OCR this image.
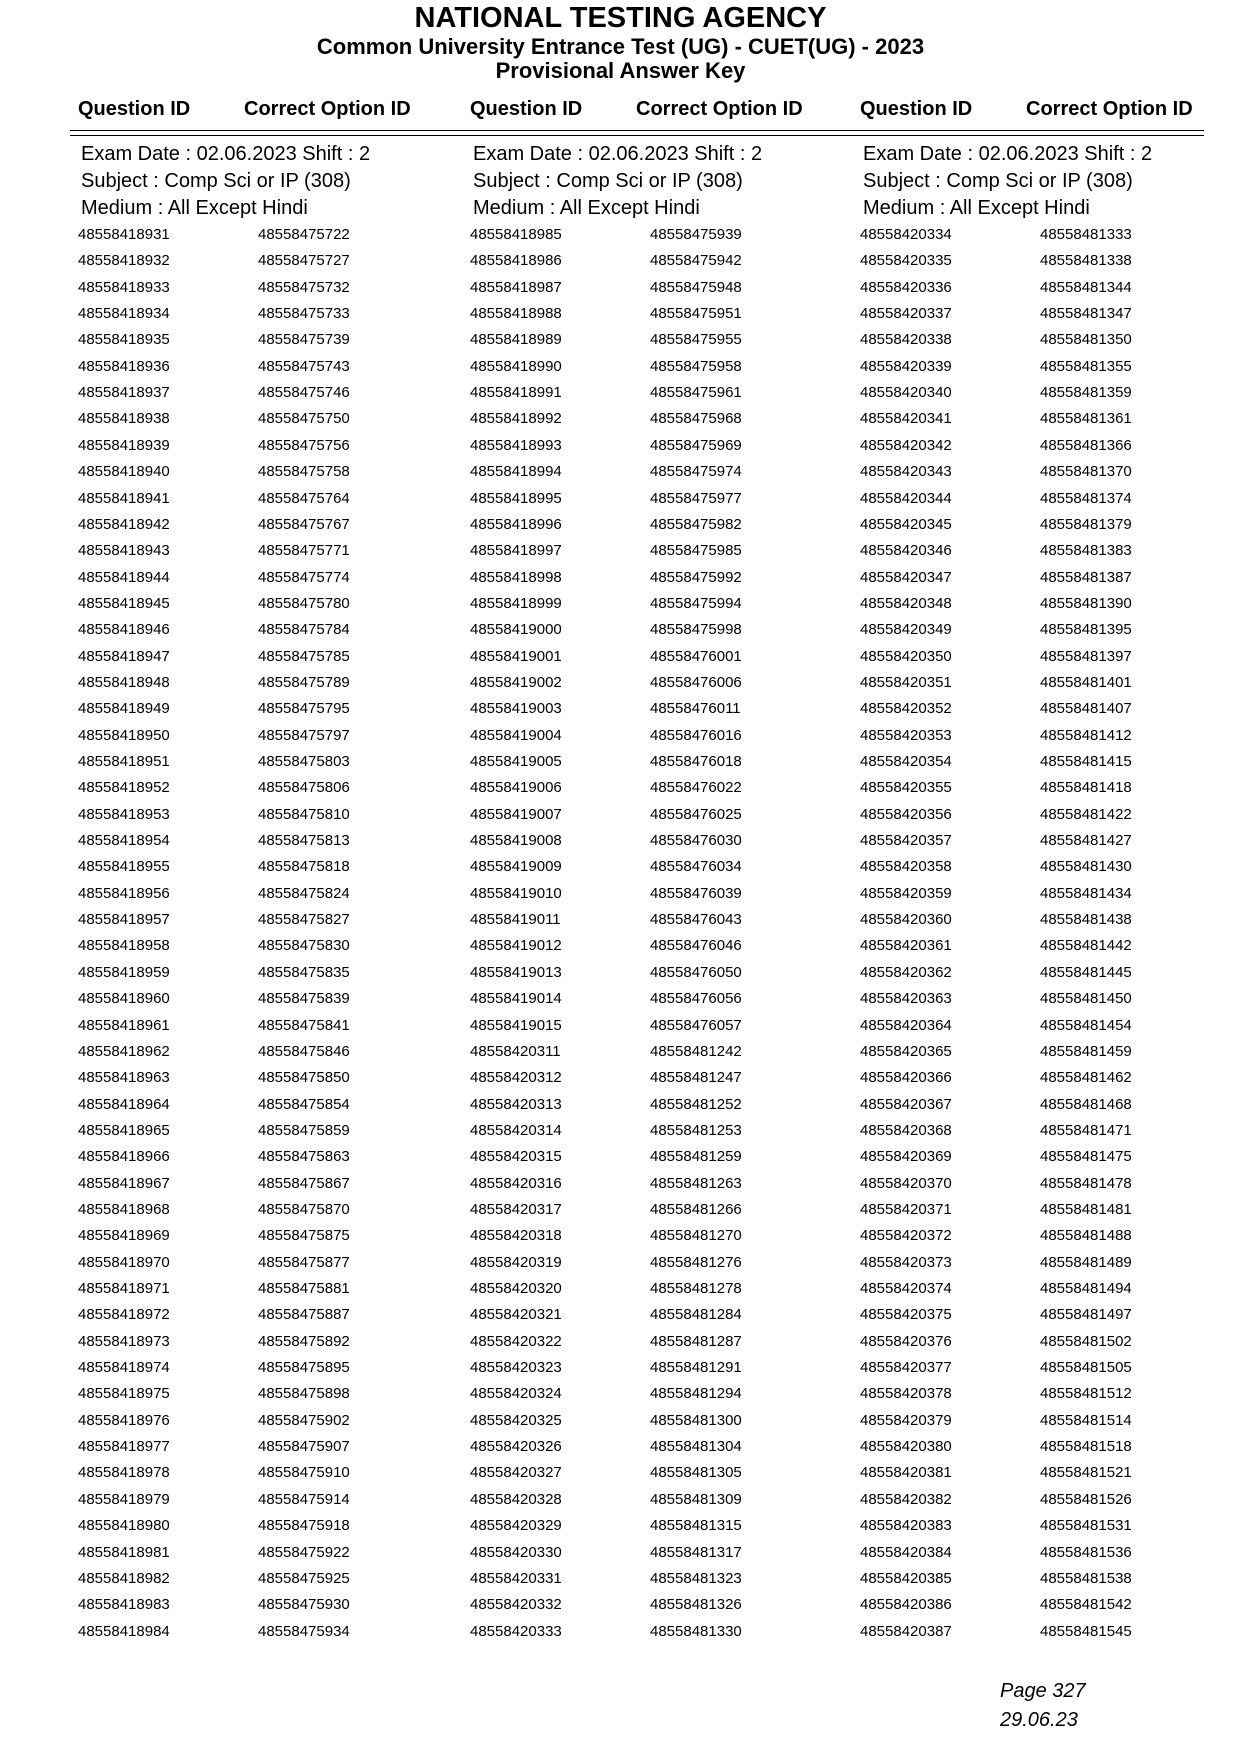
NATIONAL TESTING AGENCY
Common University Entrance Test (UG) - CUET(UG) - 2023
Provisional Answer Key
Question ID	Correct Option ID	Question ID	Correct Option ID	Question ID	Correct Option ID
Exam Date : 02.06.2023 Shift : 2
Subject : Comp Sci or IP (308)
Medium : All Except Hindi
48558418931	48558475722
48558418932	48558475727
48558418933	48558475732
48558418934	48558475733
48558418935	48558475739
48558418936	48558475743
48558418937	48558475746
48558418938	48558475750
48558418939	48558475756
48558418940	48558475758
48558418941	48558475764
48558418942	48558475767
48558418943	48558475771
48558418944	48558475774
48558418945	48558475780
48558418946	48558475784
48558418947	48558475785
48558418948	48558475789
48558418949	48558475795
48558418950	48558475797
48558418951	48558475803
48558418952	48558475806
48558418953	48558475810
48558418954	48558475813
48558418955	48558475818
48558418956	48558475824
48558418957	48558475827
48558418958	48558475830
48558418959	48558475835
48558418960	48558475839
48558418961	48558475841
48558418962	48558475846
48558418963	48558475850
48558418964	48558475854
48558418965	48558475859
48558418966	48558475863
48558418967	48558475867
48558418968	48558475870
48558418969	48558475875
48558418970	48558475877
48558418971	48558475881
48558418972	48558475887
48558418973	48558475892
48558418974	48558475895
48558418975	48558475898
48558418976	48558475902
48558418977	48558475907
48558418978	48558475910
48558418979	48558475914
48558418980	48558475918
48558418981	48558475922
48558418982	48558475925
48558418983	48558475930
48558418984	48558475934
Exam Date : 02.06.2023 Shift : 2
Subject : Comp Sci or IP (308)
Medium : All Except Hindi
48558418985	48558475939
48558418986	48558475942
48558418987	48558475948
48558418988	48558475951
48558418989	48558475955
48558418990	48558475958
48558418991	48558475961
48558418992	48558475968
48558418993	48558475969
48558418994	48558475974
48558418995	48558475977
48558418996	48558475982
48558418997	48558475985
48558418998	48558475992
48558418999	48558475994
48558419000	48558475998
48558419001	48558476001
48558419002	48558476006
48558419003	48558476011
48558419004	48558476016
48558419005	48558476018
48558419006	48558476022
48558419007	48558476025
48558419008	48558476030
48558419009	48558476034
48558419010	48558476039
48558419011	48558476043
48558419012	48558476046
48558419013	48558476050
48558419014	48558476056
48558419015	48558476057
48558420311	48558481242
48558420312	48558481247
48558420313	48558481252
48558420314	48558481253
48558420315	48558481259
48558420316	48558481263
48558420317	48558481266
48558420318	48558481270
48558420319	48558481276
48558420320	48558481278
48558420321	48558481284
48558420322	48558481287
48558420323	48558481291
48558420324	48558481294
48558420325	48558481300
48558420326	48558481304
48558420327	48558481305
48558420328	48558481309
48558420329	48558481315
48558420330	48558481317
48558420331	48558481323
48558420332	48558481326
48558420333	48558481330
Exam Date : 02.06.2023 Shift : 2
Subject : Comp Sci or IP (308)
Medium : All Except Hindi
48558420334	48558481333
48558420335	48558481338
48558420336	48558481344
48558420337	48558481347
48558420338	48558481350
48558420339	48558481355
48558420340	48558481359
48558420341	48558481361
48558420342	48558481366
48558420343	48558481370
48558420344	48558481374
48558420345	48558481379
48558420346	48558481383
48558420347	48558481387
48558420348	48558481390
48558420349	48558481395
48558420350	48558481397
48558420351	48558481401
48558420352	48558481407
48558420353	48558481412
48558420354	48558481415
48558420355	48558481418
48558420356	48558481422
48558420357	48558481427
48558420358	48558481430
48558420359	48558481434
48558420360	48558481438
48558420361	48558481442
48558420362	48558481445
48558420363	48558481450
48558420364	48558481454
48558420365	48558481459
48558420366	48558481462
48558420367	48558481468
48558420368	48558481471
48558420369	48558481475
48558420370	48558481478
48558420371	48558481481
48558420372	48558481488
48558420373	48558481489
48558420374	48558481494
48558420375	48558481497
48558420376	48558481502
48558420377	48558481505
48558420378	48558481512
48558420379	48558481514
48558420380	48558481518
48558420381	48558481521
48558420382	48558481526
48558420383	48558481531
48558420384	48558481536
48558420385	48558481538
48558420386	48558481542
48558420387	48558481545
Page 327
29.06.23
